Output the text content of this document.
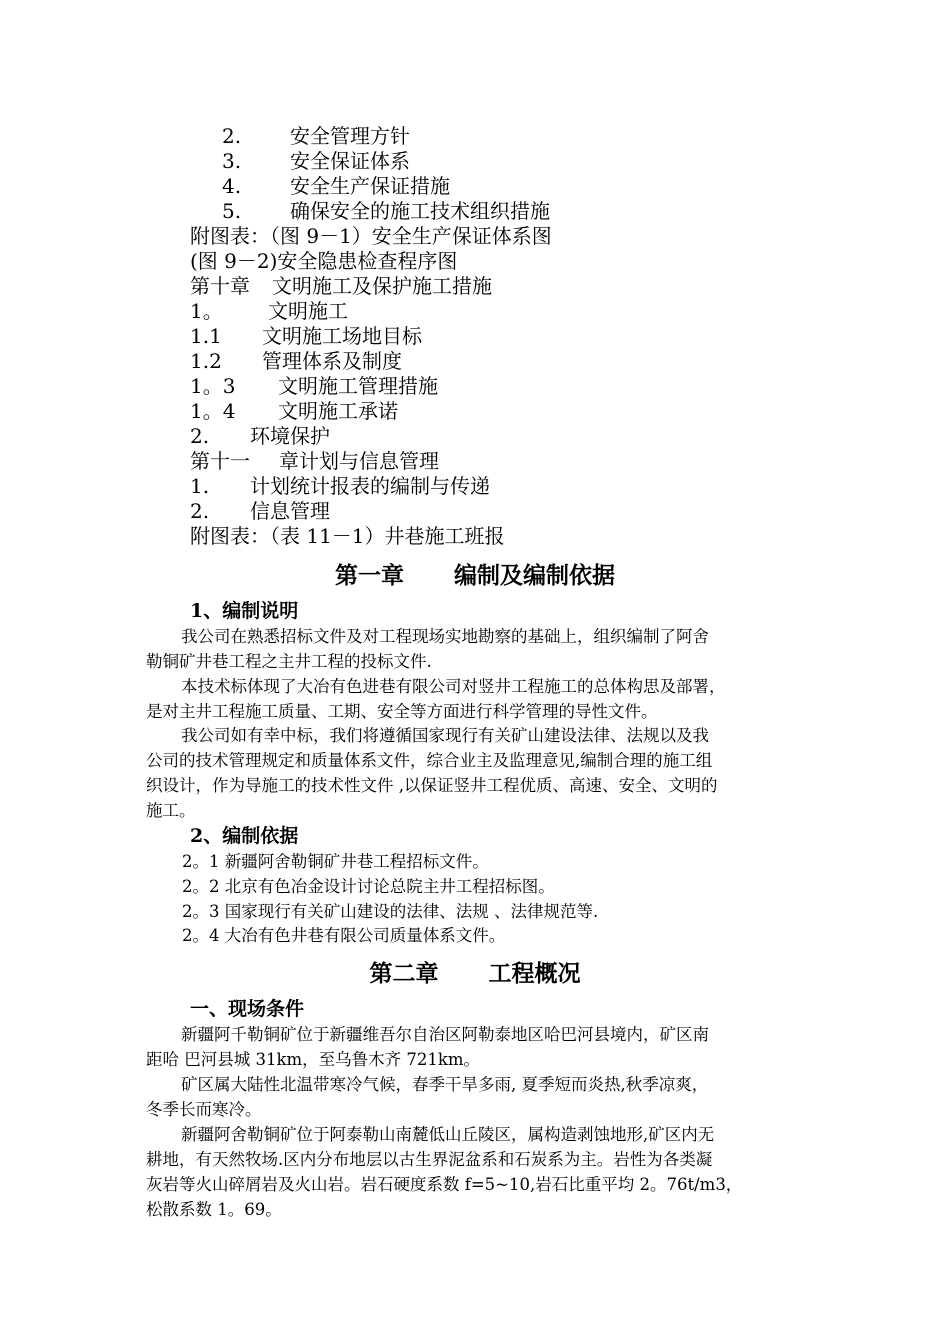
2. 安全管理方针
3. 安全保证体系
4. 安全生产保证措施
5. 确保安全的施工技术组织措施
附图表：（图 9－1）安全生产保证体系图
(图 9－2)安全隐患检查程序图
第十章 文明施工及保护施工措施
1。 文明施工
1.1 文明施工场地目标
1.2 管理体系及制度
1。3 文明施工管理措施
1。4 文明施工承诺
2. 环境保护
第十一 章计划与信息管理
1. 计划统计报表的编制与传递
2. 信息管理
附图表：（表 11－1）井巷施工班报
第一章 编制及编制依据
1、编制说明
我公司在熟悉招标文件及对工程现场实地勘察的基础上，组织编制了阿舍
勒铜矿井巷工程之主井工程的投标文件.
本技术标体现了大冶有色进巷有限公司对竖井工程施工的总体构思及部署，
是对主井工程施工质量、工期、安全等方面进行科学管理的导性文件。
我公司如有幸中标，我们将遵循国家现行有关矿山建设法律、法规以及我
公司的技术管理规定和质量体系文件，综合业主及监理意见,编制合理的施工组
织设计，作为导施工的技术性文件 ,以保证竖井工程优质、高速、安全、文明的
施工。
2、编制依据
2。1 新疆阿舍勒铜矿井巷工程招标文件。
2。2 北京有色冶金设计讨论总院主井工程招标图。
2。3 国家现行有关矿山建设的法律、法规 、法律规范等.
2。4 大冶有色井巷有限公司质量体系文件。
第二章 工程概况
一、现场条件
新疆阿千勒铜矿位于新疆维吾尔自治区阿勒泰地区哈巴河县境内，矿区南
距哈 巴河县城 31km，至乌鲁木齐 721km。
矿区属大陆性北温带寒冷气候，春季干旱多雨, 夏季短而炎热,秋季凉爽，
冬季长而寒冷。
新疆阿舍勒铜矿位于阿泰勒山南麓低山丘陵区，属构造剥蚀地形,矿区内无
耕地，有天然牧场.区内分布地层以古生界泥盆系和石炭系为主。岩性为各类凝
灰岩等火山碎屑岩及火山岩。岩石硬度系数 f=5~10,岩石比重平均 2。76t/m3，
松散系数 1。69。
